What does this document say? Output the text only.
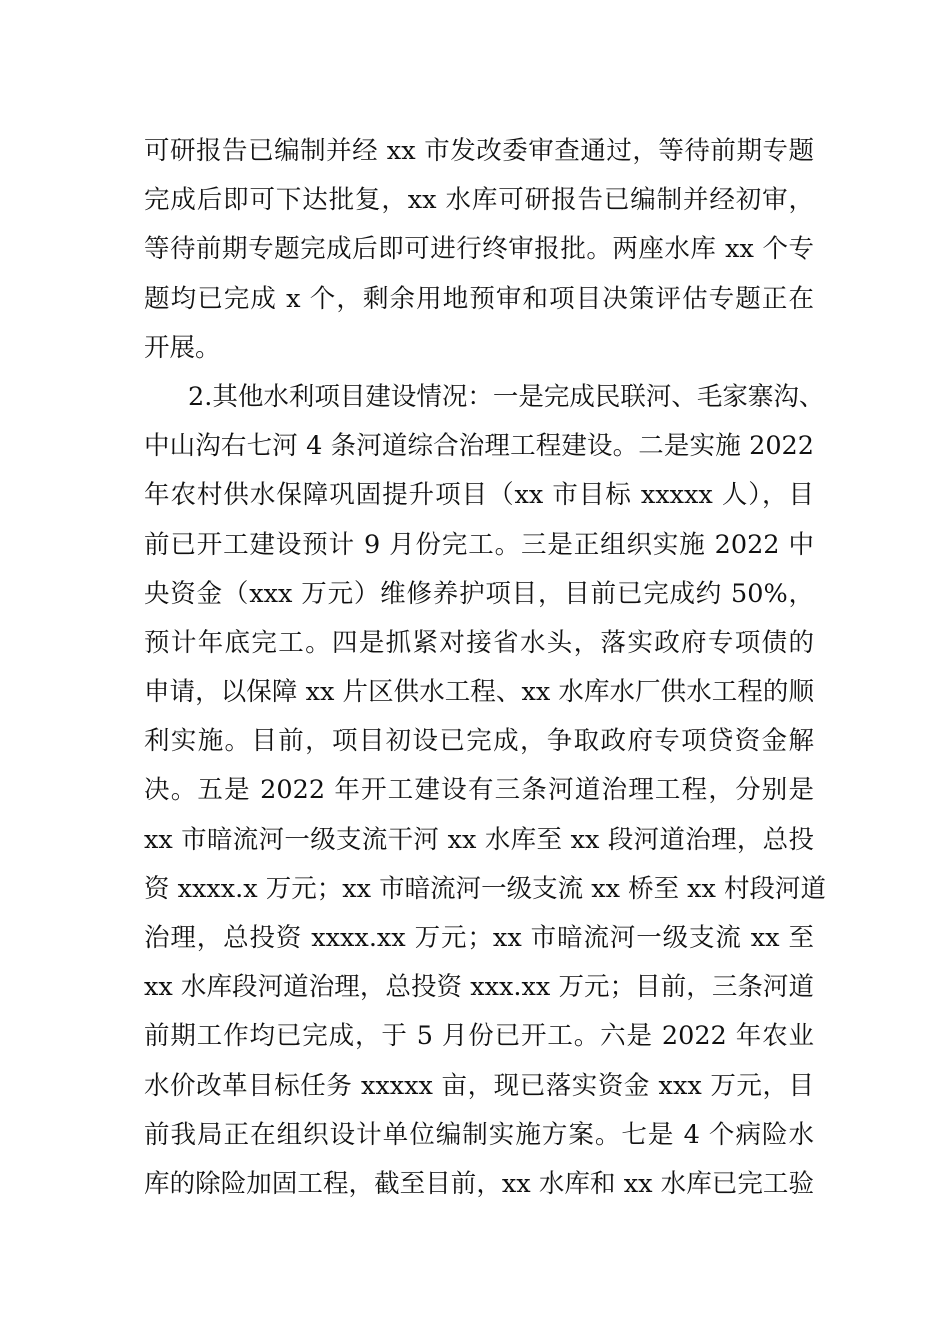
可研报告已编制并经 xx 市发改委审查通过，等待前期专题
完成后即可下达批复，xx 水库可研报告已编制并经初审，
等待前期专题完成后即可进行终审报批。两座水库 xx 个专
题均已完成 x 个，剩余用地预审和项目决策评估专题正在
开展。
2.其他水利项目建设情况：一是完成民联河、毛家寨沟、
中山沟右七河 4 条河道综合治理工程建设。二是实施 2022
年农村供水保障巩固提升项目（xx 市目标 xxxxx 人），目
前已开工建设预计 9 月份完工。三是正组织实施 2022 中
央资金（xxx 万元）维修养护项目，目前已完成约 50%，
预计年底完工。四是抓紧对接省水头，落实政府专项债的
申请，以保障 xx 片区供水工程、xx 水库水厂供水工程的顺
利实施。目前，项目初设已完成，争取政府专项贷资金解
决。五是 2022 年开工建设有三条河道治理工程，分别是
xx 市暗流河一级支流干河 xx 水库至 xx 段河道治理，总投
资 xxxx.x 万元；xx 市暗流河一级支流 xx 桥至 xx 村段河道
治理，总投资 xxxx.xx 万元；xx 市暗流河一级支流 xx 至
xx 水库段河道治理，总投资 xxx.xx 万元；目前，三条河道
前期工作均已完成，于 5 月份已开工。六是 2022 年农业
水价改革目标任务 xxxxx 亩，现已落实资金 xxx 万元，目
前我局正在组织设计单位编制实施方案。七是 4 个病险水
库的除险加固工程，截至目前，xx 水库和 xx 水库已完工验
